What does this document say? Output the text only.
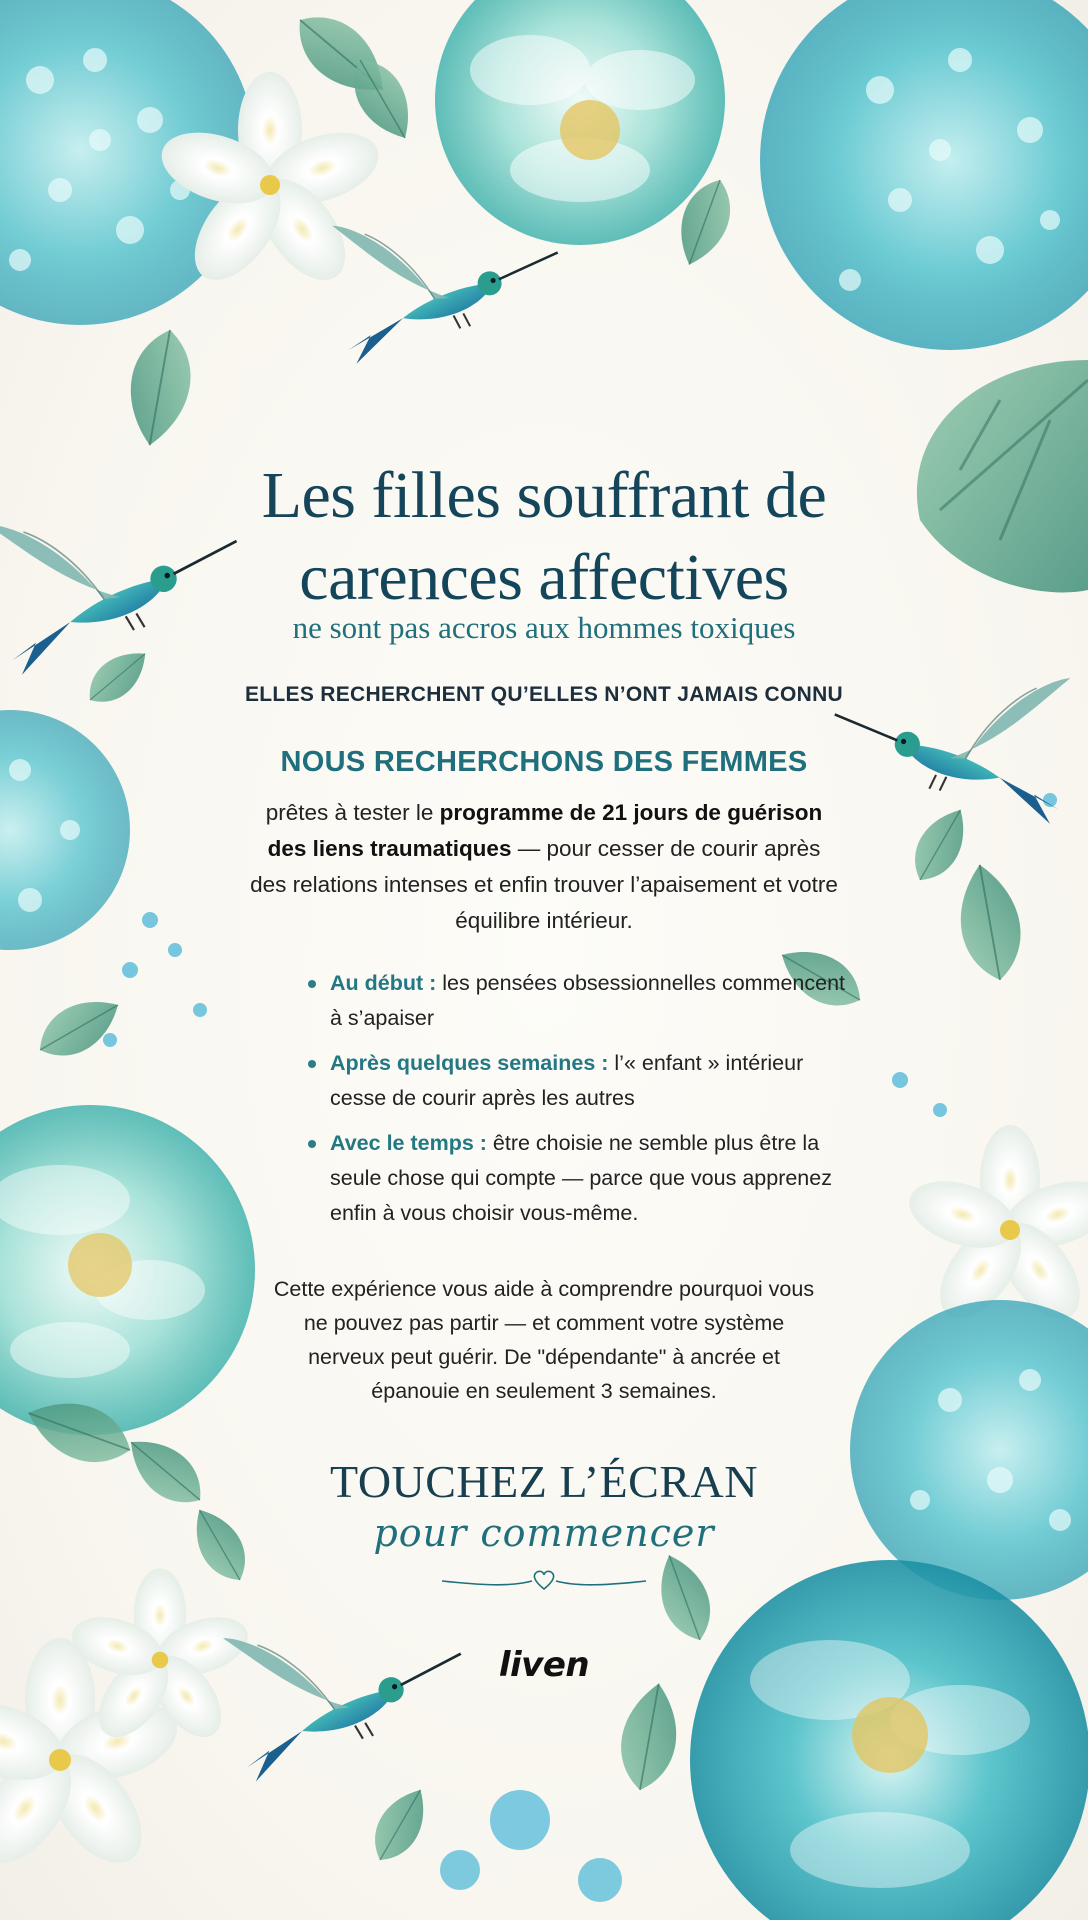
Les filles souffrant de
carences affectives
ne sont pas accros aux hommes toxiques
ELLES RECHERCHENT QU’ELLES N’ONT JAMAIS CONNU
NOUS RECHERCHONS DES FEMMES
prêtes à tester le programme de 21 jours de guérison des liens traumatiques — pour cesser de courir après des relations intenses et enfin trouver l’apaisement et votre équilibre intérieur.
Au début : les pensées obsessionnelles commencent à s’apaiser
Après quelques semaines : l’« enfant » intérieur cesse de courir après les autres
Avec le temps : être choisie ne semble plus être la seule chose qui compte — parce que vous apprenez enfin à vous choisir vous-même.
Cette expérience vous aide à comprendre pourquoi vous ne pouvez pas partir — et comment votre système nerveux peut guérir. De "dépendante" à ancrée et épanouie en seulement 3 semaines.
TOUCHEZ L’ÉCRAN
pour commencer
liven
